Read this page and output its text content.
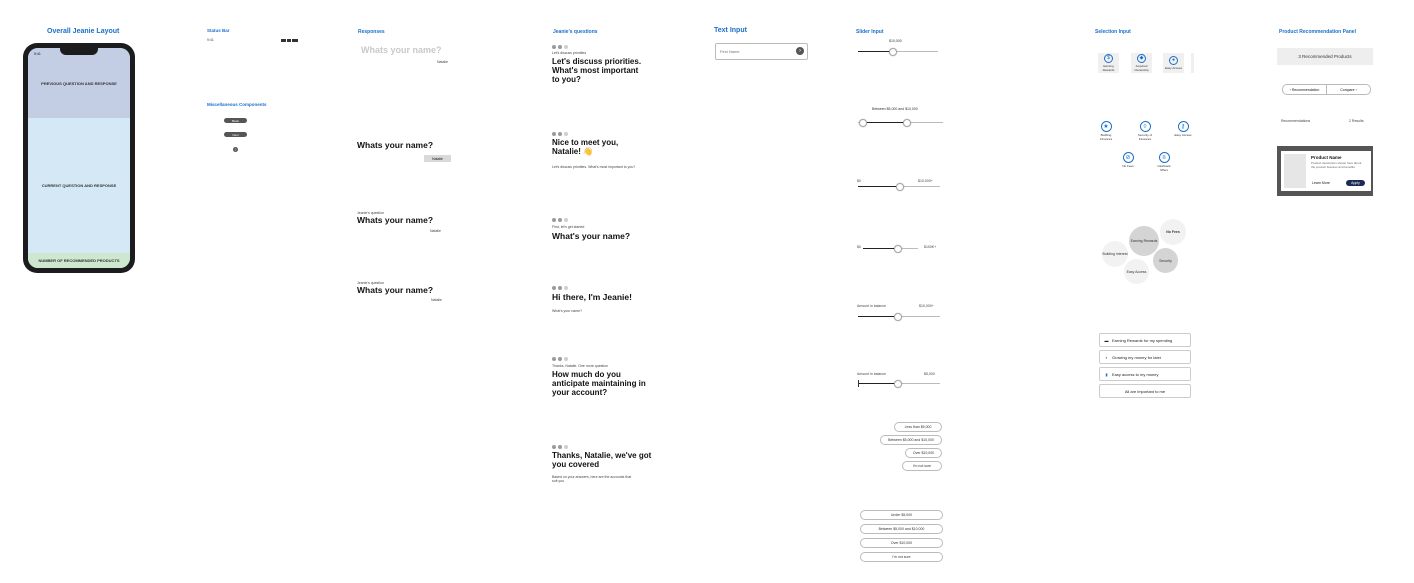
Overall Jeanie Layout
PREVIOUS QUESTION AND RESPONSE
CURRENT QUESTION AND RESPONSE
NUMBER OF RECOMMENDED PRODUCTS
9:41
Status Bar
9:41
Miscellaneous Components
Back
Next
?
Responses
Whats your name?
Natalie
Whats your name?
Natalie
Jeanie's question
Whats your name?
Natalie
Jeanie's question
Whats your name?
Natalie
Jeanie's questions
Let's discuss priorities
Let's discuss priorities. What's most important to you?
Nice to meet you, Natalie! 👋
Let's discuss priorities. What's most important to you?
First, let's get started
What's your name?
Hi there, I'm Jeanie!
What's your name?
Thanks, Natalie. One more question
How much do you anticipate maintaining in your account?
Thanks, Natalie, we've got you covered
Based on your answers, here are the accounts that suit you
Text Input
First Name
›
Slider Input
$10,000
Between $5,000 and $10,000
$0	$10,000+
$0	$100K+
Amount in balance	$10,000+
Amount in balance	$5,000
Less than $5,000
Between $5,000 and $10,000
Over $10,000
I'm not sure
Under $5,000
Between $5,000 and $10,000
Over $10,000
I'm not sure
Selection Input
$
Earning Rewards
◆
Acquired Ownership
●
Easy Access
★
Building Finances
◊
Security of Finances
⚷
Easy Access
⊘
No Fees
¤
Cashback Offers
Earning Rewards
No Fees
Building Interest
Security
Easy Access
▬ Earning Rewards for my spending
▪	Growing my money for later
▮	Easy access to my money
All are important to me
Product Recommendation Panel
3 Recommended Products
‹ Recommendation	Compare ›
Recommendations	2 Results
Product Name
Product description shown here about the product features and benefits
Learn More	Apply
